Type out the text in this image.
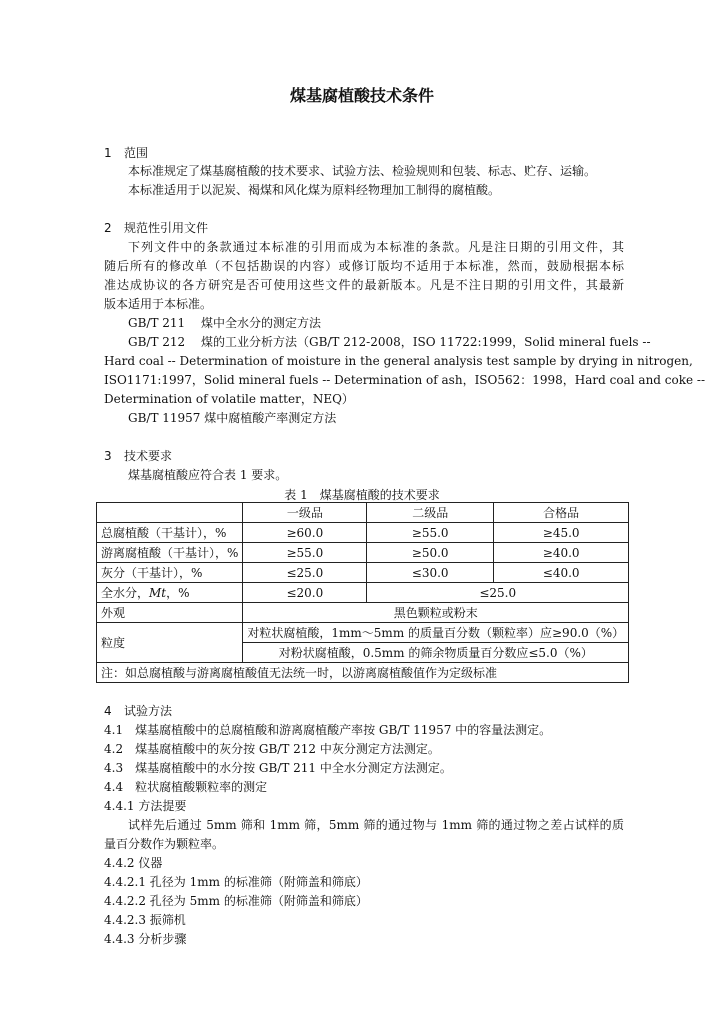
煤基腐植酸技术条件
1 范围
本标准规定了煤基腐植酸的技术要求、试验方法、检验规则和包装、标志、贮存、运输。
本标准适用于以泥炭、褐煤和风化煤为原料经物理加工制得的腐植酸。
2 规范性引用文件
下列文件中的条款通过本标准的引用而成为本标准的条款。凡是注日期的引用文件，其
随后所有的修改单（不包括勘误的内容）或修订版均不适用于本标准，然而，鼓励根据本标
准达成协议的各方研究是否可使用这些文件的最新版本。凡是不注日期的引用文件，其最新
版本适用于本标准。
GB/T 211　 煤中全水分的测定方法
GB/T 212　 煤的工业分析方法（GB/T 212-2008，ISO 11722:1999，Solid mineral fuels --
Hard coal -- Determination of moisture in the general analysis test sample by drying in nitrogen,
ISO1171:1997，Solid mineral fuels -- Determination of ash，ISO562：1998，Hard coal and coke --
Determination of volatile matter，NEQ）
GB/T 11957 煤中腐植酸产率测定方法
3 技术要求
煤基腐植酸应符合表 1 要求。
表 1　煤基腐植酸的技术要求
	一级品	二级品	合格品
总腐植酸（干基计），%	≥60.0	≥55.0	≥45.0
游离腐植酸（干基计），%	≥55.0	≥50.0	≥40.0
灰分（干基计），%	≤25.0	≤30.0	≤40.0
全水分，Mt，%	≤20.0	≤25.0	
外观	黑色颗粒或粉末		
粒度	对粒状腐植酸，1mm～5mm 的质量百分数（颗粒率）应≥90.0（%）		
	对粉状腐植酸，0.5mm 的筛余物质量百分数应≤5.0（%）		
注：如总腐植酸与游离腐植酸值无法统一时，以游离腐植酸值作为定级标准			
4 试验方法
4.1　煤基腐植酸中的总腐植酸和游离腐植酸产率按 GB/T 11957 中的容量法测定。
4.2　煤基腐植酸中的灰分按 GB/T 212 中灰分测定方法测定。
4.3　煤基腐植酸中的水分按 GB/T 211 中全水分测定方法测定。
4.4　粒状腐植酸颗粒率的测定
4.4.1 方法提要
试样先后通过 5mm 筛和 1mm 筛，5mm 筛的通过物与 1mm 筛的通过物之差占试样的质
量百分数作为颗粒率。
4.4.2 仪器
4.4.2.1 孔径为 1mm 的标准筛（附筛盖和筛底）
4.4.2.2 孔径为 5mm 的标准筛（附筛盖和筛底）
4.4.2.3 振筛机
4.4.3 分析步骤
